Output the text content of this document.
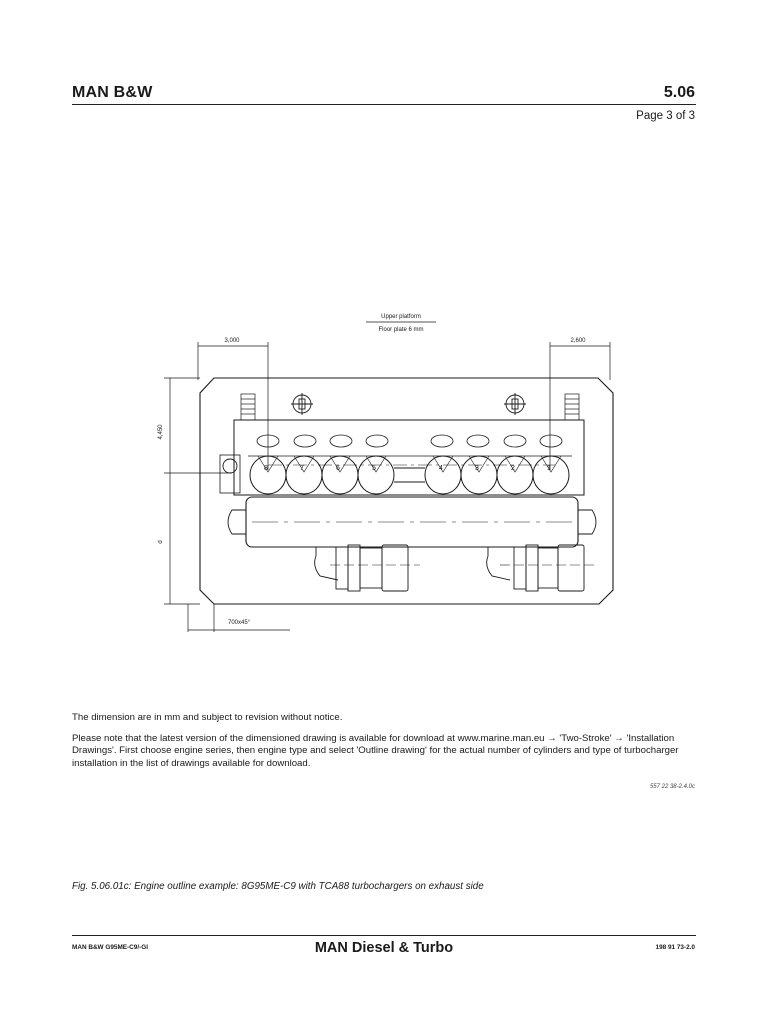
MAN B&W	5.06
Page 3 of 3
Upper platform
Floor plate 6 mm
3,000	2,600
4,450
d
700x45°
8	7	6	5	4	3	2	1
The dimension are in mm and subject to revision without notice.
Please note that the latest version of the dimensioned drawing is available for download at www.marine.man.eu → 'Two-Stroke' → 'Installation Drawings'. First choose engine series, then engine type and select 'Outline drawing' for the actual number of cylinders and type of turbocharger installation in the list of drawings available for download.
557 22 38-2.4.0c
Fig. 5.06.01c: Engine outline example: 8G95ME-C9 with TCA88 turbochargers on exhaust side
MAN B&W G95ME-C9/-GI	MAN Diesel & Turbo	198 91 73-2.0
